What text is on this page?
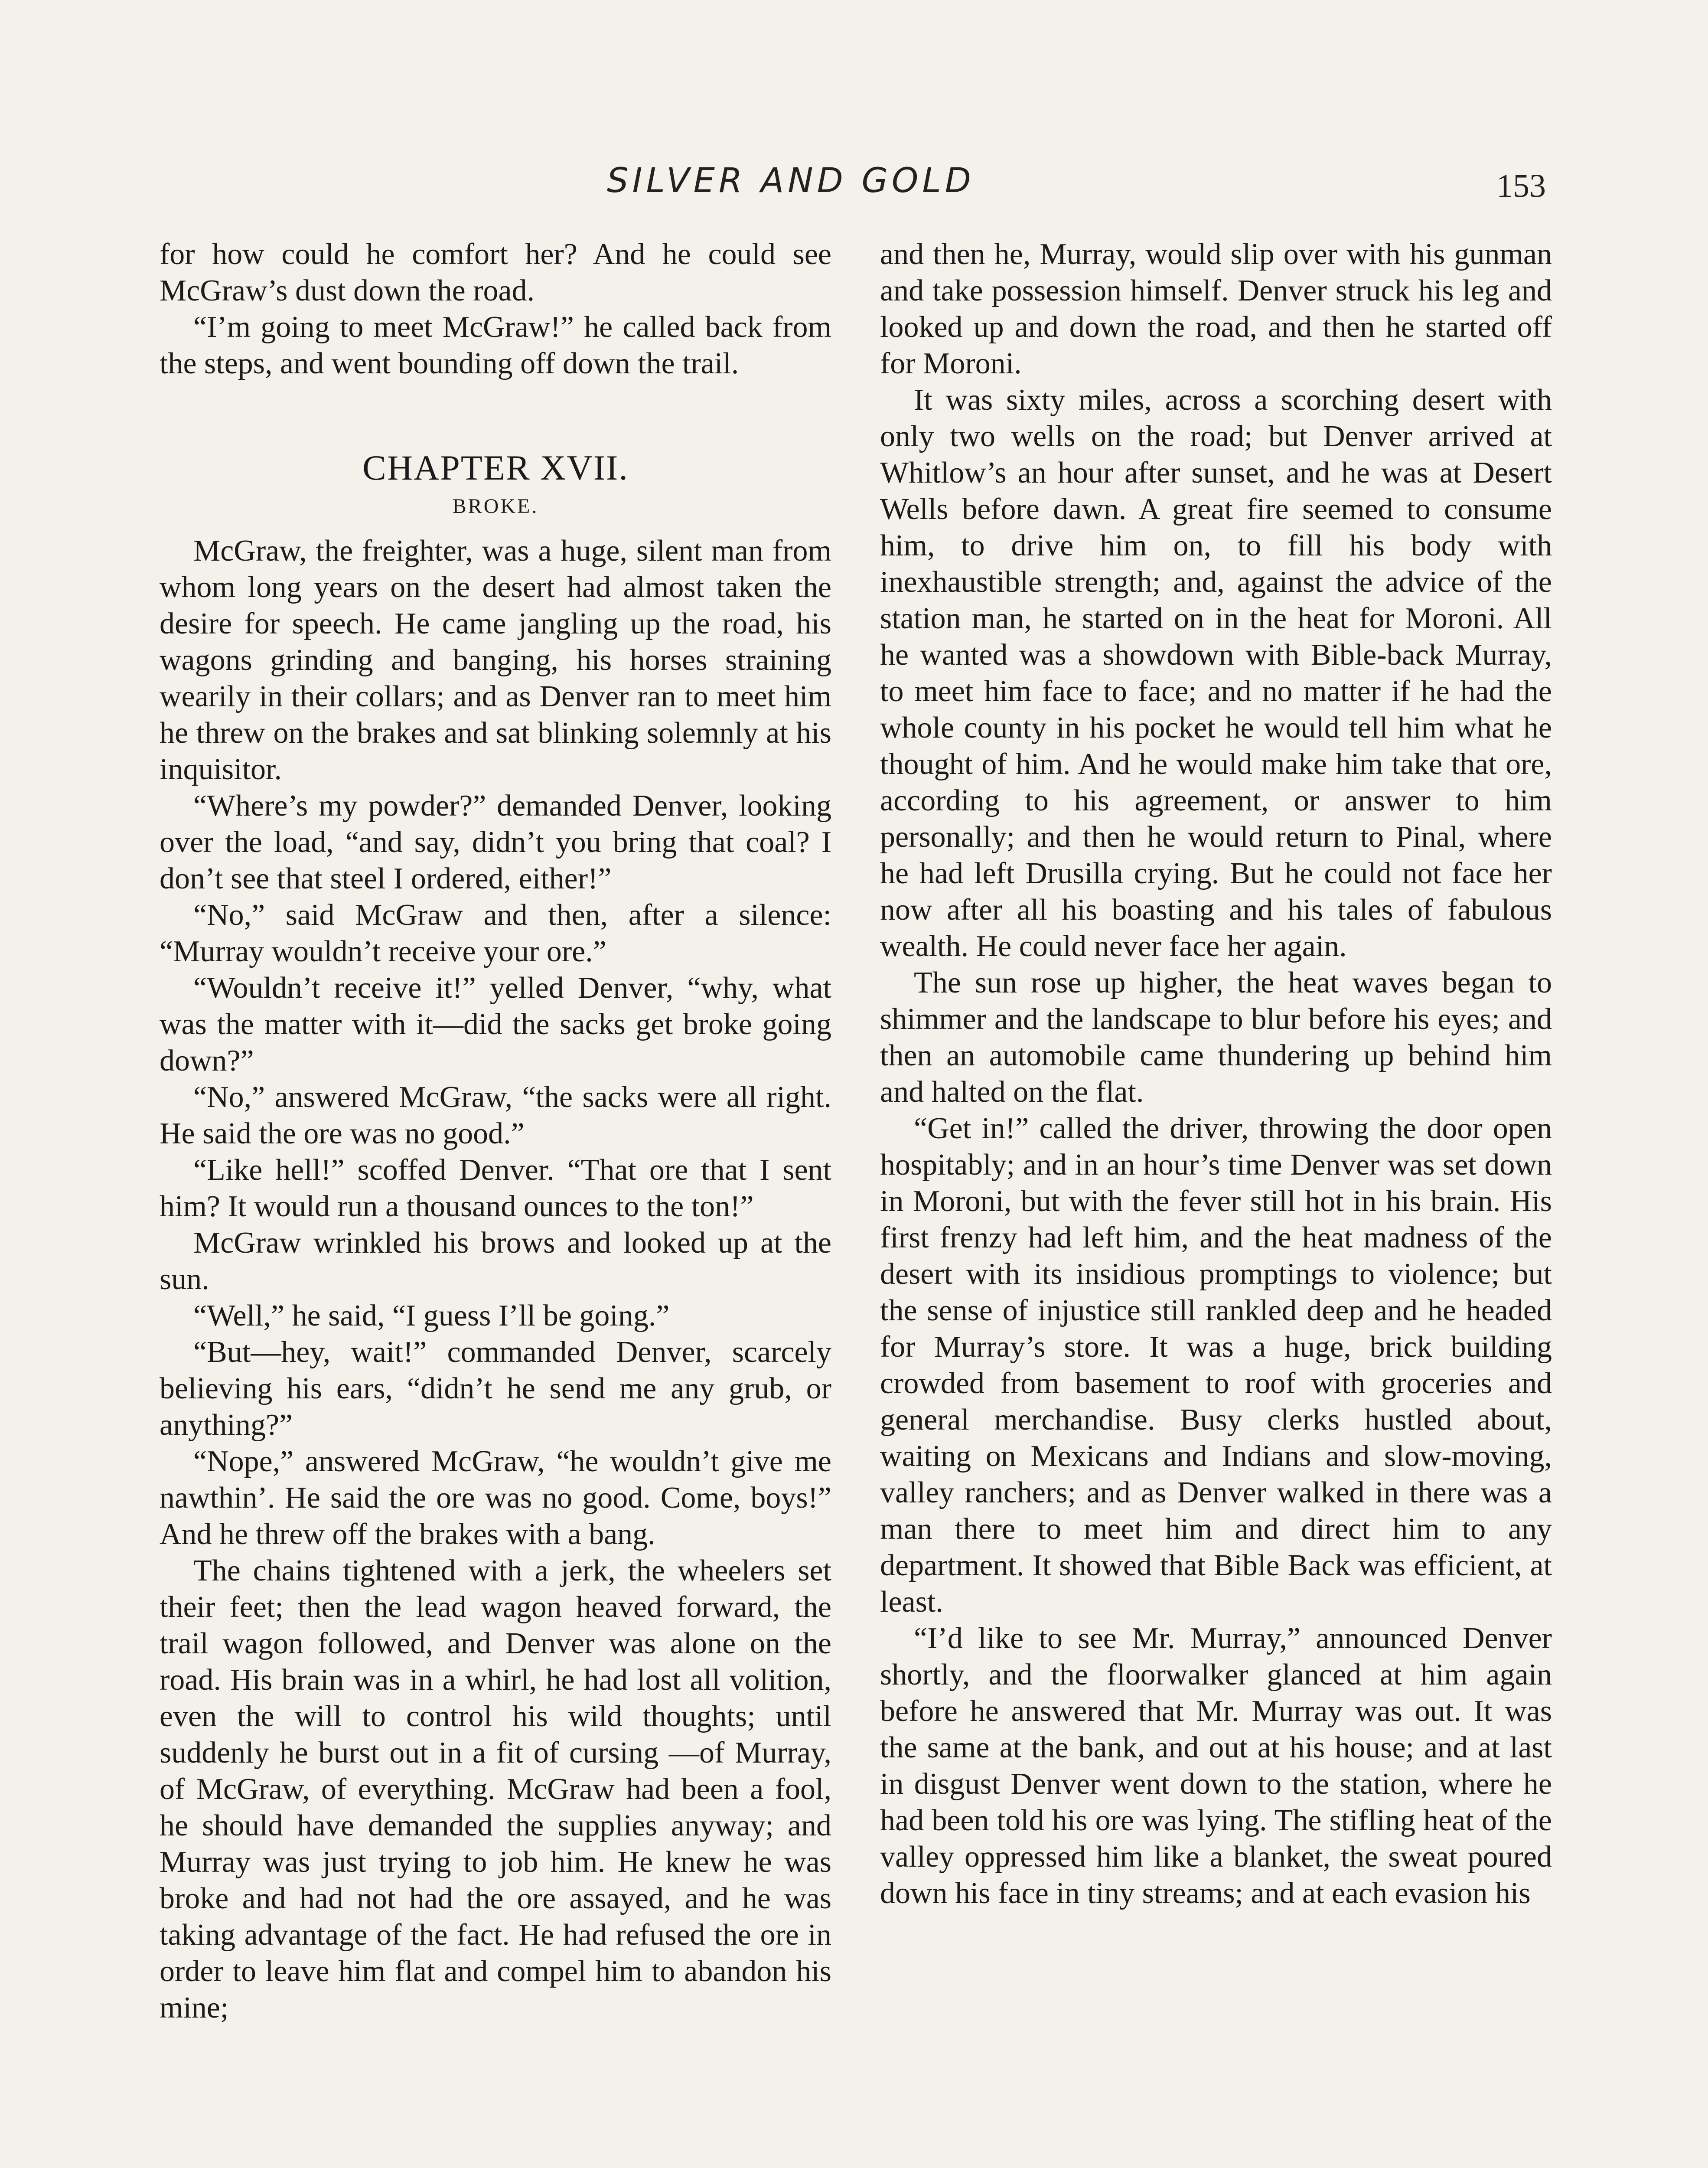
SILVER AND GOLD	153

for how could he comfort her? And he could see McGraw’s dust down the road.

“I’m going to meet McGraw!” he called back from the steps, and went bounding off down the trail.

CHAPTER XVII.
BROKE.

McGraw, the freighter, was a huge, silent man from whom long years on the desert had almost taken the desire for speech. He came jangling up the road, his wagons grinding and banging, his horses straining wearily in their collars; and as Denver ran to meet him he threw on the brakes and sat blinking solemnly at his inquisitor.

“Where’s my powder?” demanded Denver, looking over the load, “and say, didn’t you bring that coal? I don’t see that steel I ordered, either!”

“No,” said McGraw and then, after a silence: “Murray wouldn’t receive your ore.”

“Wouldn’t receive it!” yelled Denver, “why, what was the matter with it—did the sacks get broke going down?”

“No,” answered McGraw, “the sacks were all right. He said the ore was no good.”

“Like hell!” scoffed Denver. “That ore that I sent him? It would run a thousand ounces to the ton!”

McGraw wrinkled his brows and looked up at the sun.

“Well,” he said, “I guess I’ll be going.”

“But—hey, wait!” commanded Denver, scarcely believing his ears, “didn’t he send me any grub, or anything?”

“Nope,” answered McGraw, “he wouldn’t give me nawthin’. He said the ore was no good. Come, boys!” And he threw off the brakes with a bang.

The chains tightened with a jerk, the wheelers set their feet; then the lead wagon heaved forward, the trail wagon followed, and Denver was alone on the road. His brain was in a whirl, he had lost all volition, even the will to control his wild thoughts; until suddenly he burst out in a fit of cursing —of Murray, of McGraw, of everything. McGraw had been a fool, he should have demanded the supplies anyway; and Murray was just trying to job him. He knew he was broke and had not had the ore assayed, and he was taking advantage of the fact. He had refused the ore in order to leave him flat and compel him to abandon his mine;

and then he, Murray, would slip over with his gunman and take possession himself. Denver struck his leg and looked up and down the road, and then he started off for Moroni.

It was sixty miles, across a scorching desert with only two wells on the road; but Denver arrived at Whitlow’s an hour after sunset, and he was at Desert Wells before dawn. A great fire seemed to consume him, to drive him on, to fill his body with inexhaustible strength; and, against the advice of the station man, he started on in the heat for Moroni. All he wanted was a showdown with Bible-back Murray, to meet him face to face; and no matter if he had the whole county in his pocket he would tell him what he thought of him. And he would make him take that ore, according to his agreement, or answer to him personally; and then he would return to Pinal, where he had left Drusilla crying. But he could not face her now after all his boasting and his tales of fabulous wealth. He could never face her again.

The sun rose up higher, the heat waves began to shimmer and the landscape to blur before his eyes; and then an automobile came thundering up behind him and halted on the flat.

“Get in!” called the driver, throwing the door open hospitably; and in an hour’s time Denver was set down in Moroni, but with the fever still hot in his brain. His first frenzy had left him, and the heat madness of the desert with its insidious promptings to violence; but the sense of injustice still rankled deep and he headed for Murray’s store. It was a huge, brick building crowded from basement to roof with groceries and general merchandise. Busy clerks hustled about, waiting on Mexicans and Indians and slow-moving, valley ranchers; and as Denver walked in there was a man there to meet him and direct him to any department. It showed that Bible Back was efficient, at least.

“I’d like to see Mr. Murray,” announced Denver shortly, and the floorwalker glanced at him again before he answered that Mr. Murray was out. It was the same at the bank, and out at his house; and at last in disgust Denver went down to the station, where he had been told his ore was lying. The stifling heat of the valley oppressed him like a blanket, the sweat poured down his face in tiny streams; and at each evasion his
